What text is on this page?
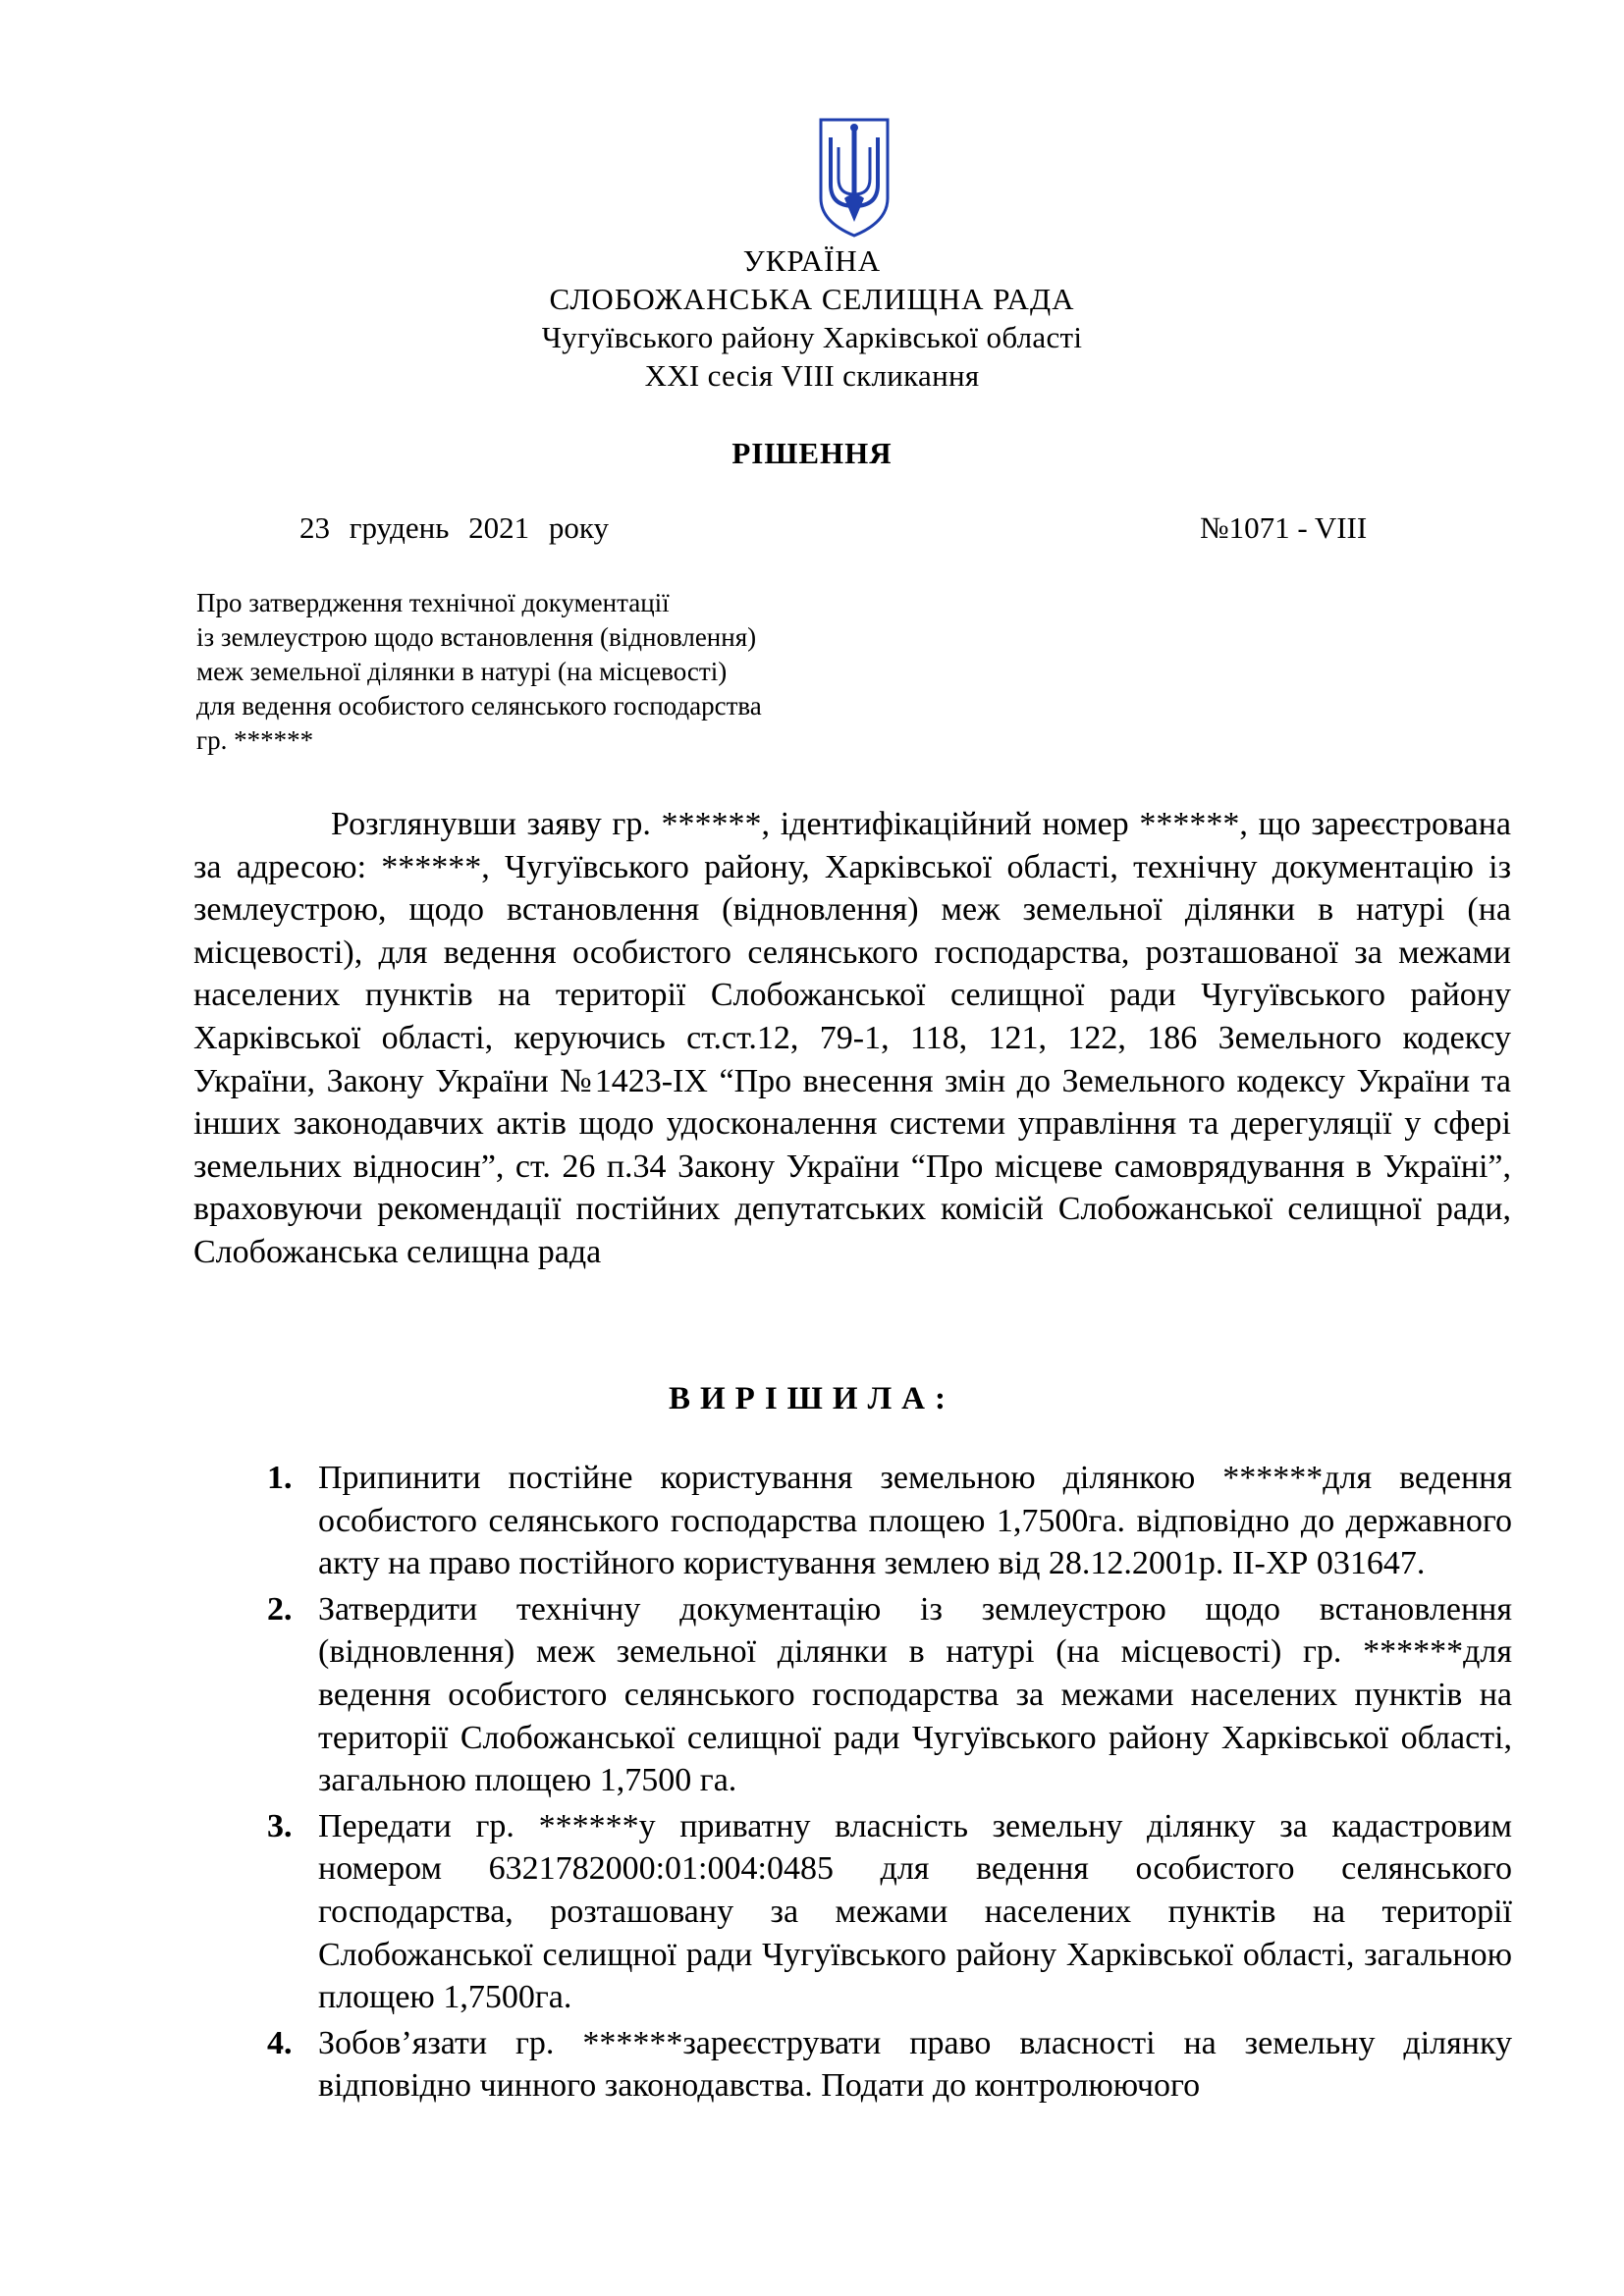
УКРАЇНА
СЛОБОЖАНСЬКА СЕЛИЩНА РАДА
Чугуївського району Харківської області
XXI сесія VIII скликання
РІШЕННЯ
23 грудень 2021 року	№1071 - VIII
Про затвердження технічної документації
із землеустрою щодо встановлення (відновлення)
меж земельної ділянки в натурі (на місцевості)
для ведення особистого селянського господарства
гр. ******
Розглянувши заяву гр. ******, ідентифікаційний номер ******, що зареєстрована за адресою: ******, Чугуївського району, Харківської області, технічну документацію із землеустрою, щодо встановлення (відновлення) меж земельної ділянки в натурі (на місцевості), для ведення особистого селянського господарства, розташованої за межами населених пунктів на території Слобожанської селищної ради Чугуївського району Харківської області, керуючись ст.ст.12, 79-1, 118, 121, 122, 186 Земельного кодексу України, Закону України №1423-IX “Про внесення змін до Земельного кодексу України та інших законодавчих актів щодо удосконалення системи управління та дерегуляції у сфері земельних відносин”, ст. 26 п.34 Закону України “Про місцеве самоврядування в Україні”, враховуючи рекомендації постійних депутатських комісій Слобожанської селищної ради, Слобожанська селищна рада
ВИРІШИЛА:
1. Припинити постійне користування земельною ділянкою ******для ведення особистого селянського господарства площею 1,7500га. відповідно до державного акту на право постійного користування землею від 28.12.2001р. ІІ-ХР 031647.
2. Затвердити технічну документацію із землеустрою щодо встановлення (відновлення) меж земельної ділянки в натурі (на місцевості) гр. ******для ведення особистого селянського господарства за межами населених пунктів на території Слобожанської селищної ради Чугуївського району Харківської області, загальною площею 1,7500 га.
3. Передати гр. ******у приватну власність земельну ділянку за кадастровим номером 6321782000:01:004:0485 для ведення особистого селянського господарства, розташовану за межами населених пунктів на території Слобожанської селищної ради Чугуївського району Харківської області, загальною площею 1,7500га.
4. Зобов’язати гр. ******зареєструвати право власності на земельну ділянку відповідно чинного законодавства. Подати до контролюючого
